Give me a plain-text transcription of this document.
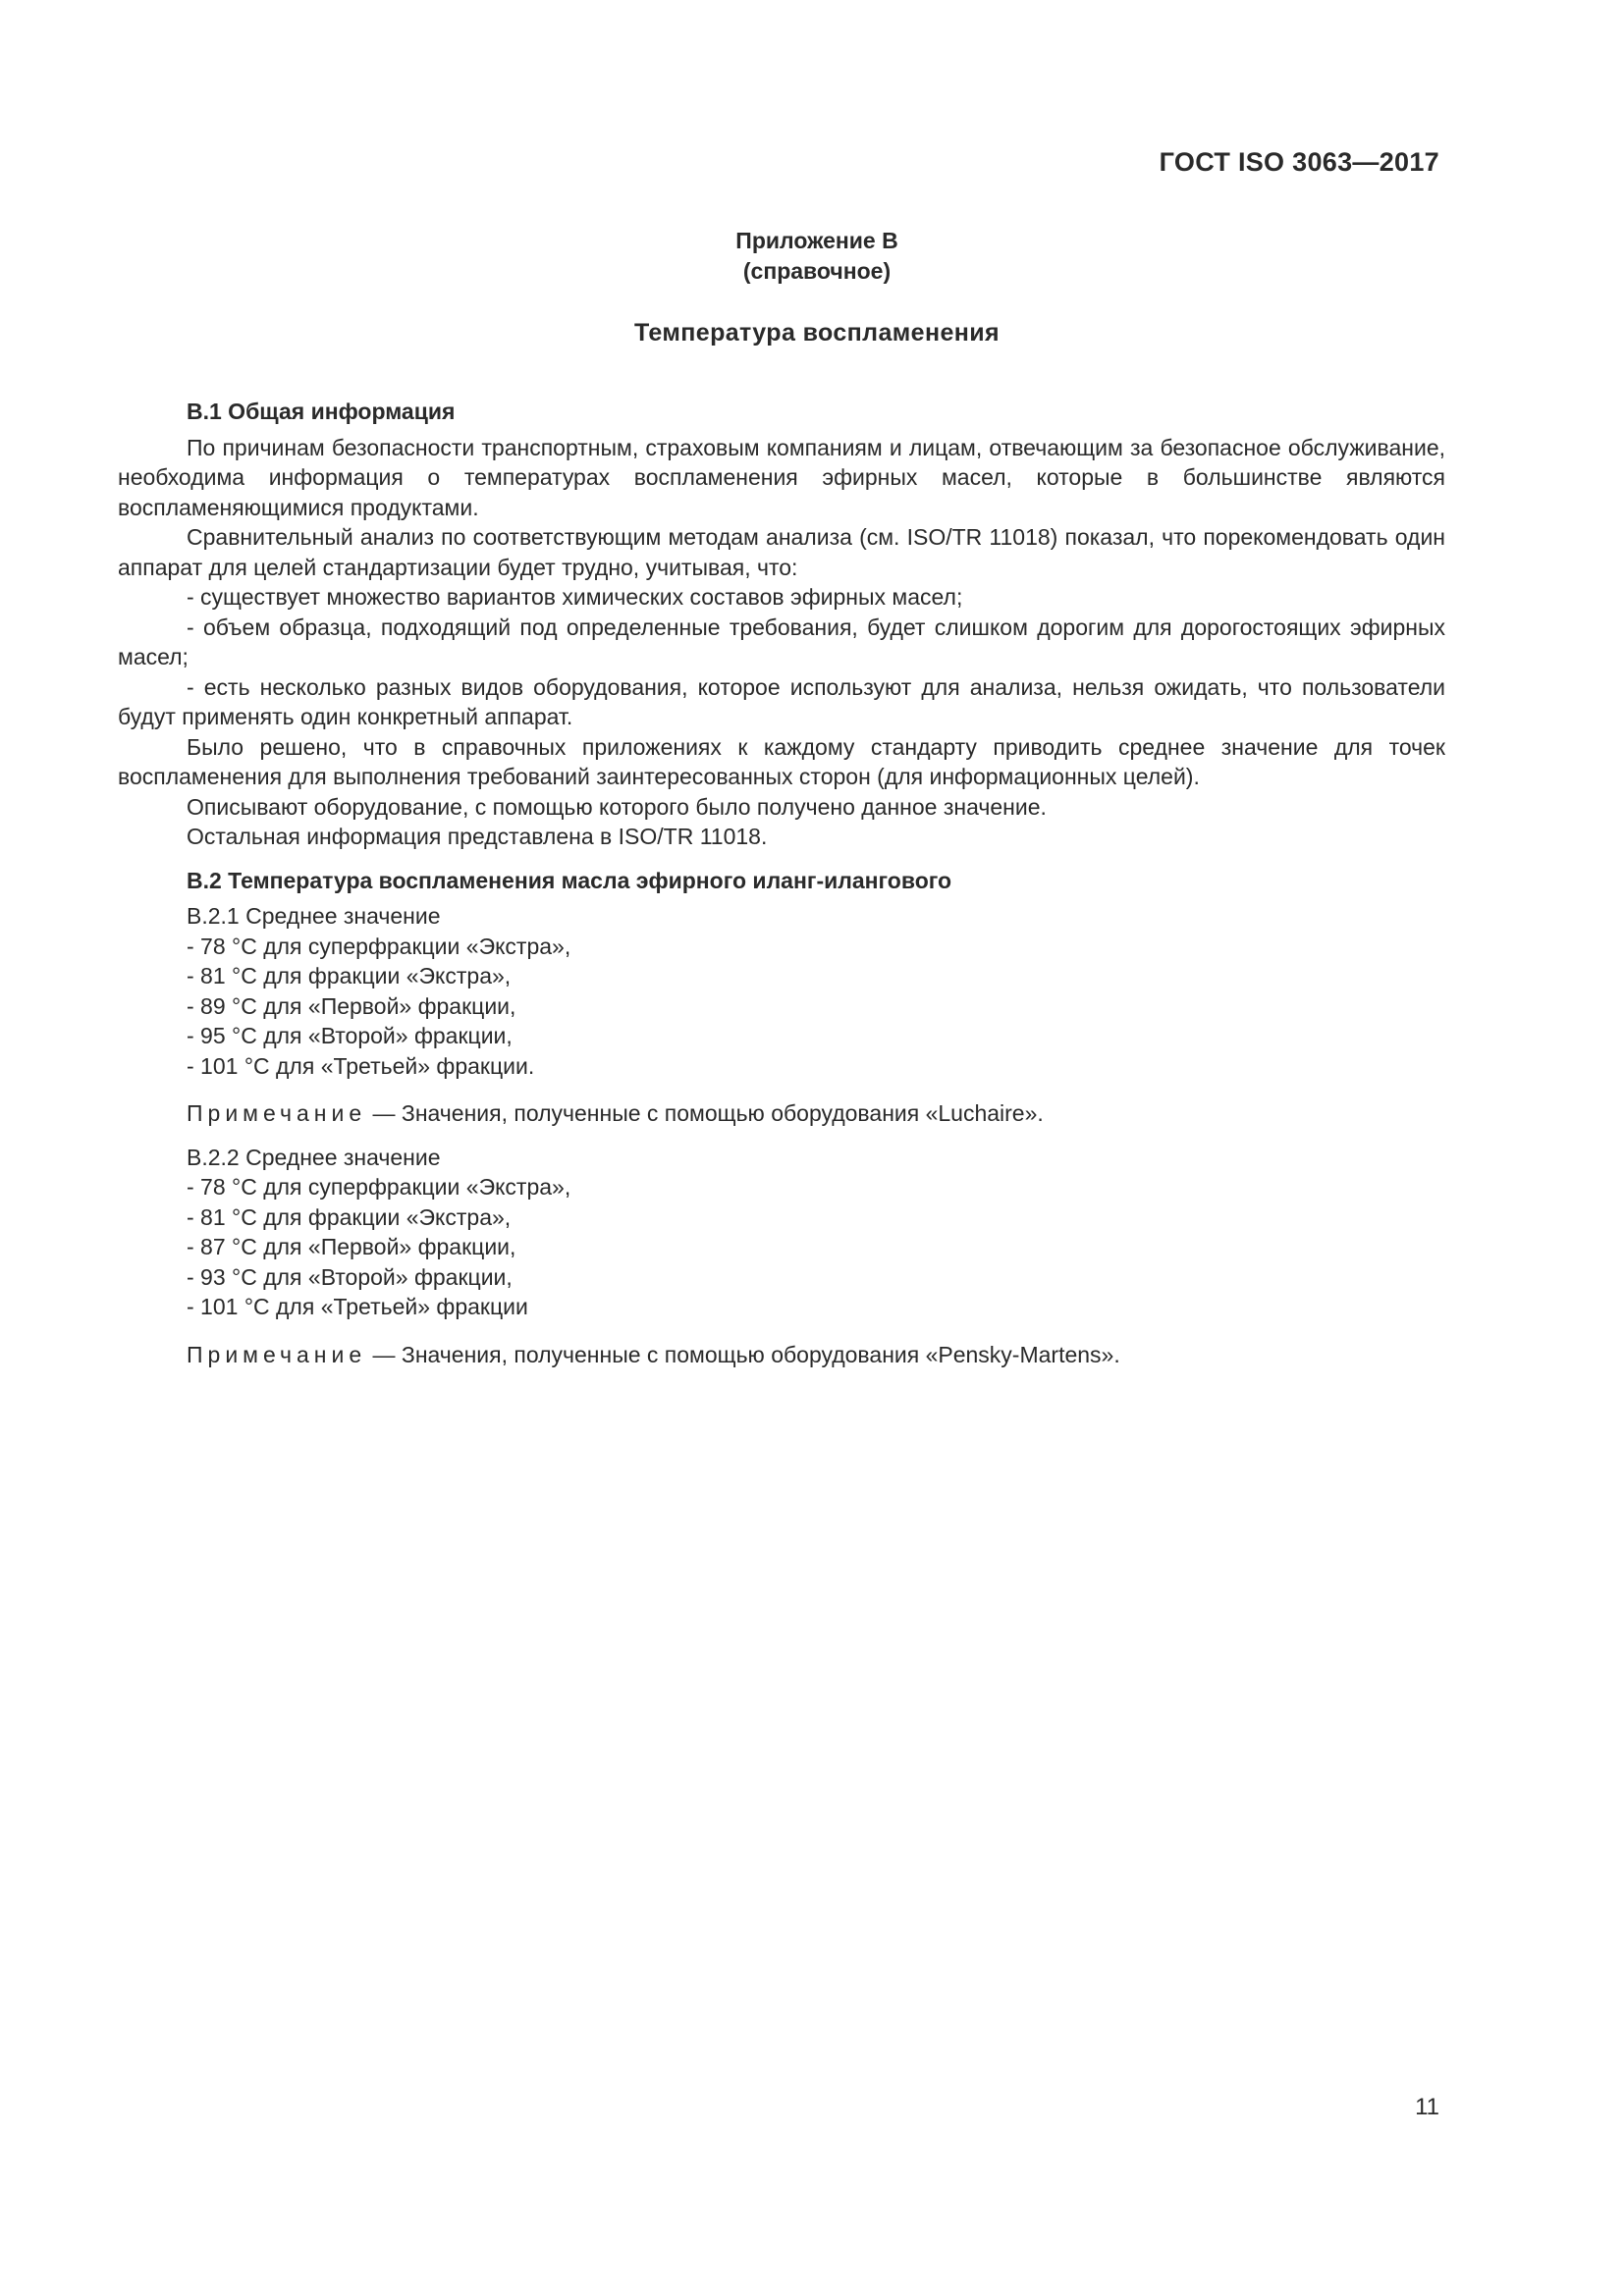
ГОСТ ISO 3063—2017
Приложение В
(справочное)
Температура воспламенения

В.1 Общая информация

По причинам безопасности транспортным, страховым компаниям и лицам, отвечающим за безопасное обслуживание, необходима информация о температурах воспламенения эфирных масел, которые в большинстве являются воспламеняющимися продуктами.

Сравнительный анализ по соответствующим методам анализа (см. ISO/TR 11018) показал, что порекомендовать один аппарат для целей стандартизации будет трудно, учитывая, что:

- существует множество вариантов химических составов эфирных масел;

- объем образца, подходящий под определенные требования, будет слишком дорогим для дорогостоящих эфирных масел;

- есть несколько разных видов оборудования, которое используют для анализа, нельзя ожидать, что пользователи будут применять один конкретный аппарат.

Было решено, что в справочных приложениях к каждому стандарту приводить среднее значение для точек воспламенения для выполнения требований заинтересованных сторон (для информационных целей).

Описывают оборудование, с помощью которого было получено данное значение.

Остальная информация представлена в ISO/TR 11018.

В.2 Температура воспламенения масла эфирного иланг-илангового

В.2.1 Среднее значение

- 78 °С для суперфракции «Экстра»,

- 81 °С для фракции «Экстра»,

- 89 °С для «Первой» фракции,

- 95 °С для «Второй» фракции,

- 101 °С для «Третьей» фракции.

Примечание — Значения, полученные с помощью оборудования «Luchaire».

В.2.2 Среднее значение

- 78 °С для суперфракции «Экстра»,

- 81 °С для фракции «Экстра»,

- 87 °С для «Первой» фракции,

- 93 °С для «Второй» фракции,

- 101 °С для «Третьей» фракции

Примечание — Значения, полученные с помощью оборудования «Pensky-Martens».

11
